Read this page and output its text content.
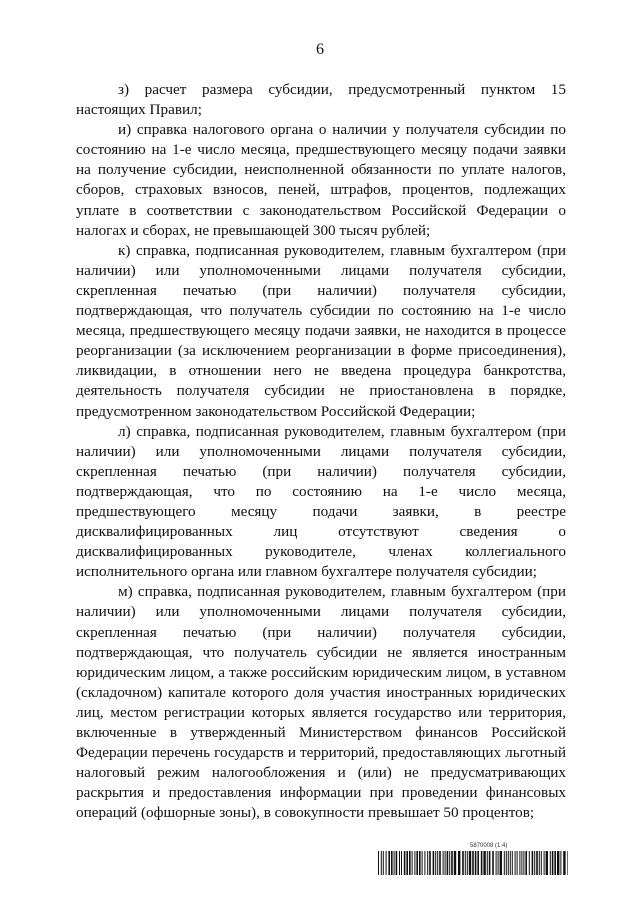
6

з) расчет размера субсидии, предусмотренный пунктом 15 настоящих Правил;

и) справка налогового органа о наличии у получателя субсидии по состоянию на 1-е число месяца, предшествующего месяцу подачи заявки на получение субсидии, неисполненной обязанности по уплате налогов, сборов, страховых взносов, пеней, штрафов, процентов, подлежащих уплате в соответствии с законодательством Российской Федерации о налогах и сборах, не превышающей 300 тысяч рублей;

к) справка, подписанная руководителем, главным бухгалтером (при наличии) или уполномоченными лицами получателя субсидии, скрепленная печатью (при наличии) получателя субсидии, подтверждающая, что получатель субсидии по состоянию на 1-е число месяца, предшествующего месяцу подачи заявки, не находится в процессе реорганизации (за исключением реорганизации в форме присоединения), ликвидации, в отношении него не введена процедура банкротства, деятельность получателя субсидии не приостановлена в порядке, предусмотренном законодательством Российской Федерации;

л) справка, подписанная руководителем, главным бухгалтером (при наличии) или уполномоченными лицами получателя субсидии, скрепленная печатью (при наличии) получателя субсидии, подтверждающая, что по состоянию на 1-е число месяца, предшествующего месяцу подачи заявки, в реестре дисквалифицированных лиц отсутствуют сведения о дисквалифицированных руководителе, членах коллегиального исполнительного органа или главном бухгалтере получателя субсидии;

м) справка, подписанная руководителем, главным бухгалтером (при наличии) или уполномоченными лицами получателя субсидии, скрепленная печатью (при наличии) получателя субсидии, подтверждающая, что получатель субсидии не является иностранным юридическим лицом, а также российским юридическим лицом, в уставном (складочном) капитале которого доля участия иностранных юридических лиц, местом регистрации которых является государство или территория, включенные в утвержденный Министерством финансов Российской Федерации перечень государств и территорий, предоставляющих льготный налоговый режим налогообложения и (или) не предусматривающих раскрытия и предоставления информации при проведении финансовых операций (офшорные зоны), в совокупности превышает 50 процентов;

5870008 (1.4)
